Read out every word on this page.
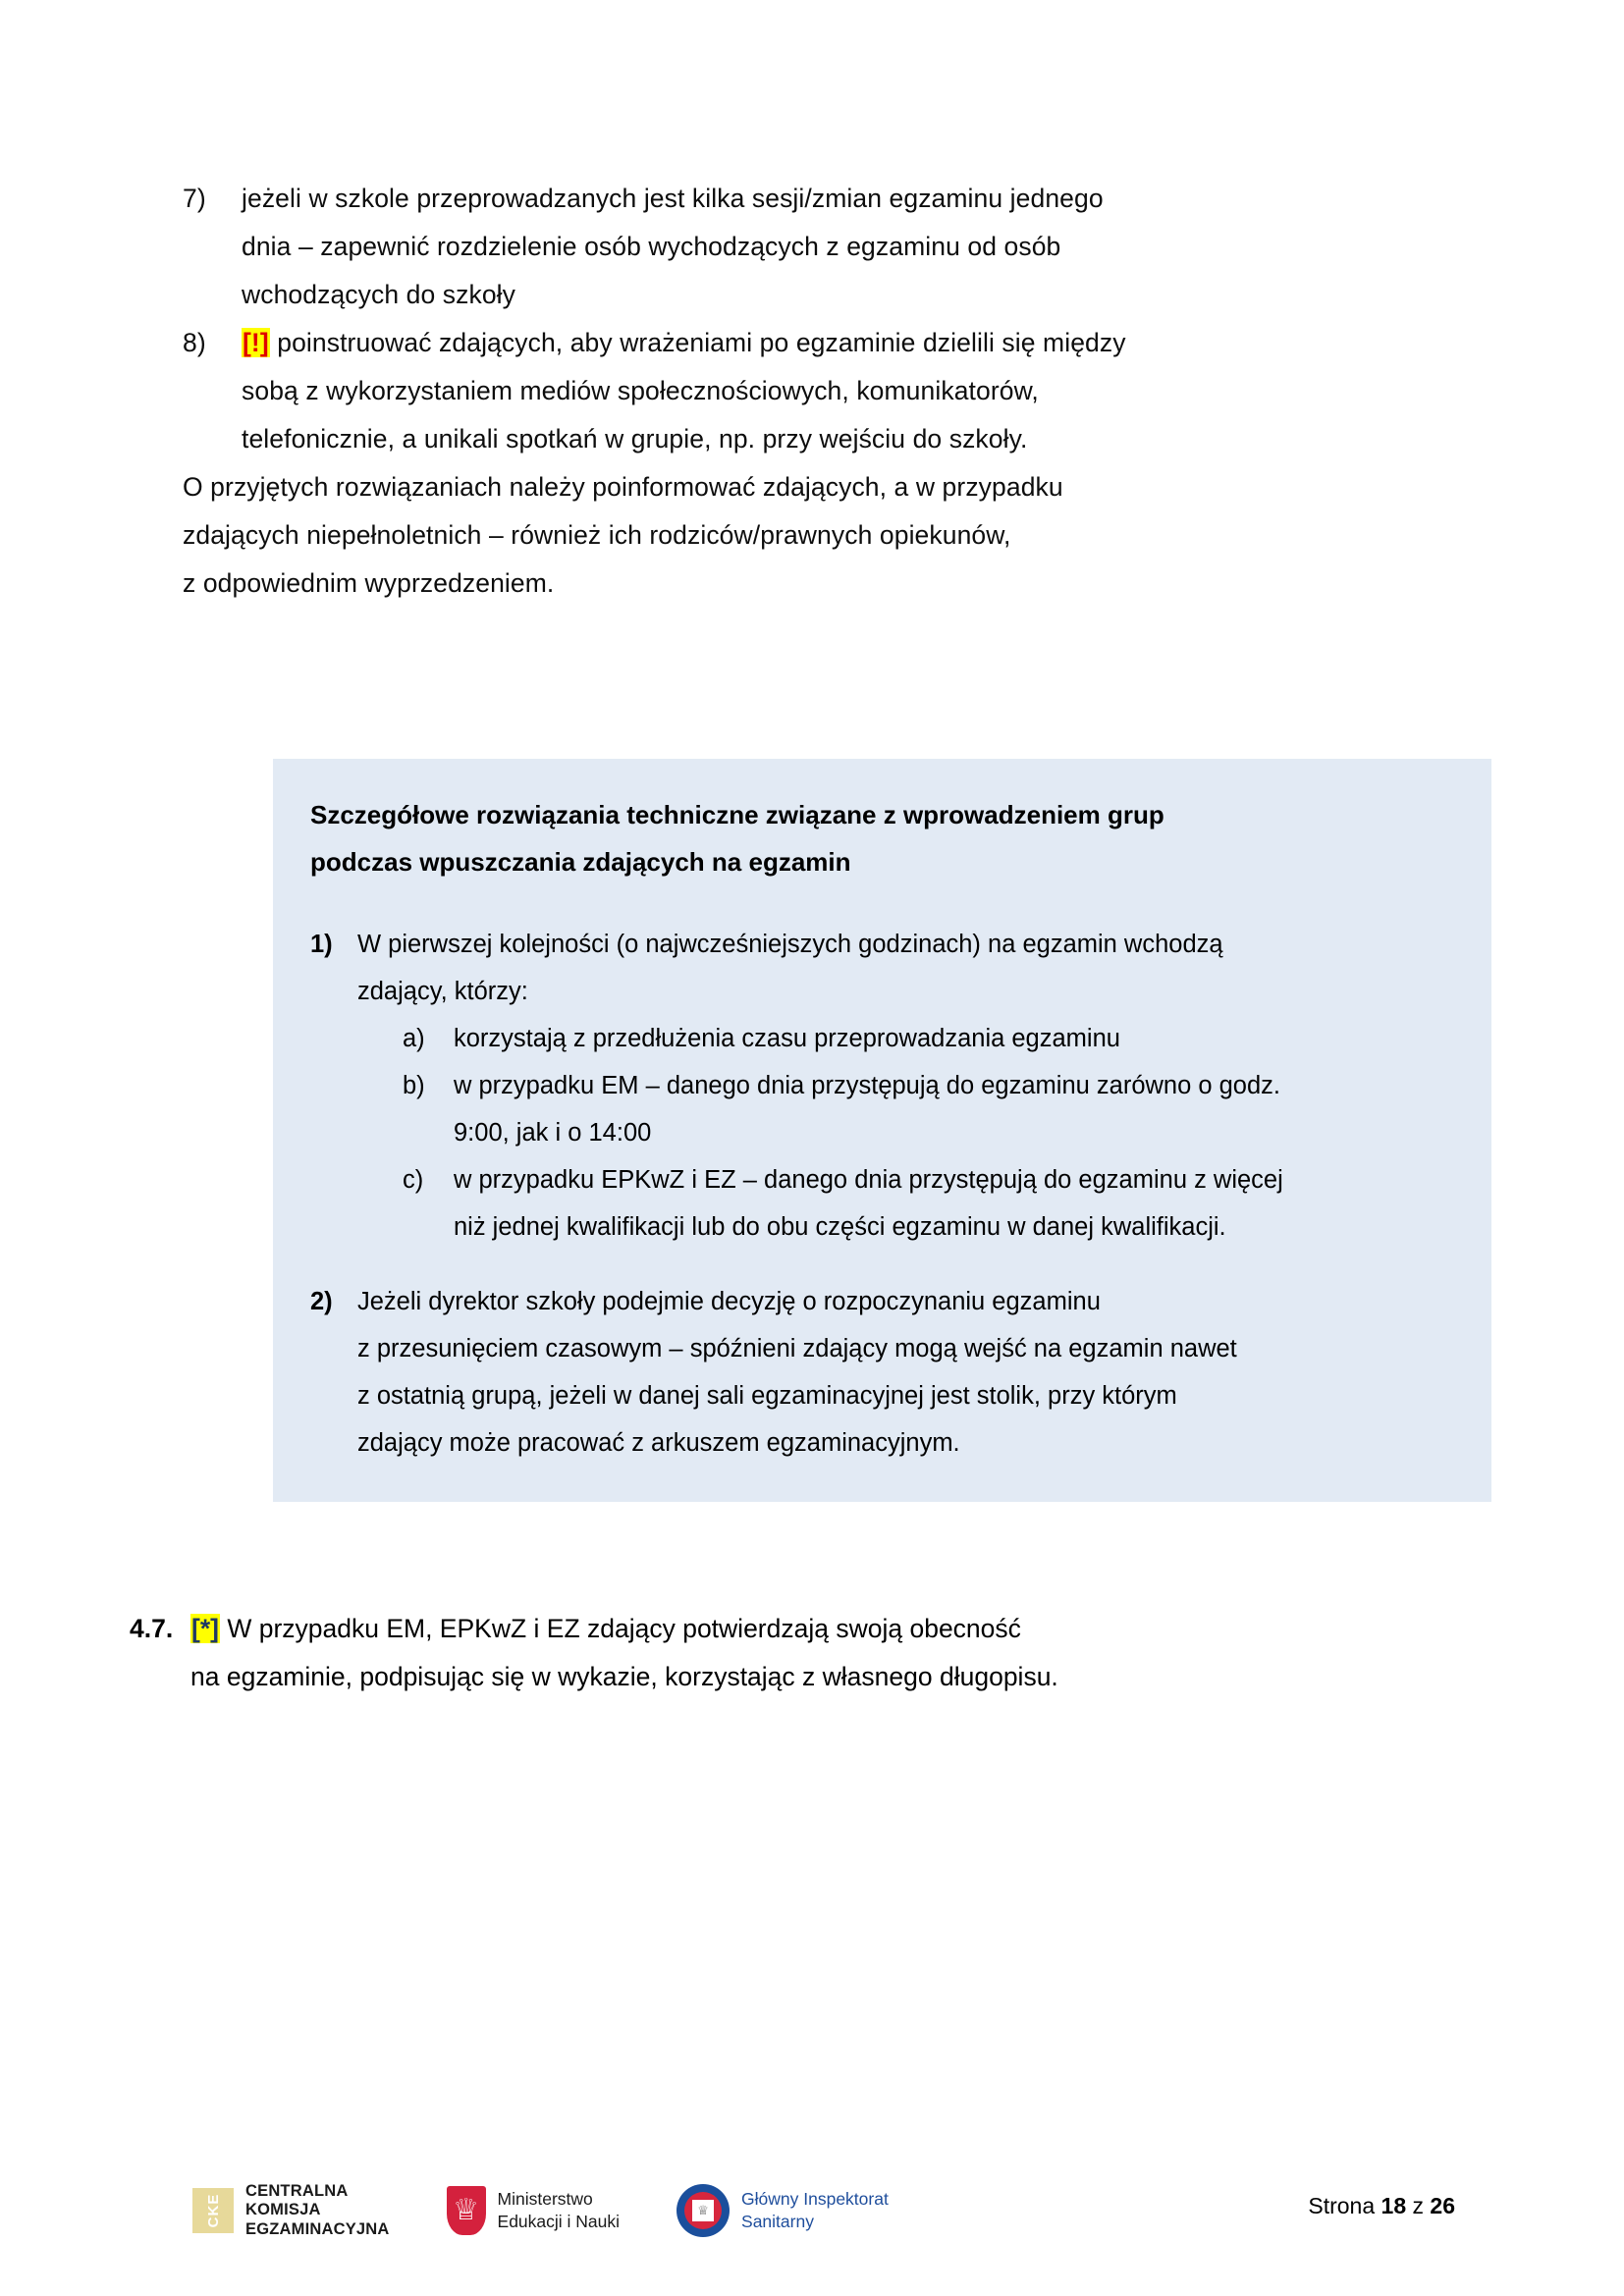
7)	jeżeli w szkole przeprowadzanych jest kilka sesji/zmian egzaminu jednego
dnia – zapewnić rozdzielenie osób wychodzących z egzaminu od osób
wchodzących do szkoły
8)	[!] poinstruować zdających, aby wrażeniami po egzaminie dzielili się między
sobą z wykorzystaniem mediów społecznościowych, komunikatorów,
telefonicznie, a unikali spotkań w grupie, np. przy wejściu do szkoły.

O przyjętych rozwiązaniach należy poinformować zdających, a w przypadku
zdających niepełnoletnich – również ich rodziców/prawnych opiekunów,
z odpowiednim wyprzedzeniem.

Szczegółowe rozwiązania techniczne związane z wprowadzeniem grup
podczas wpuszczania zdających na egzamin
1) W pierwszej kolejności (o najwcześniejszych godzinach) na egzamin wchodzą
zdający, którzy:
a)	korzystają z przedłużenia czasu przeprowadzania egzaminu
b)	w przypadku EM – danego dnia przystępują do egzaminu zarówno o godz.
9:00, jak i o 14:00
c)	w przypadku EPKwZ i EZ – danego dnia przystępują do egzaminu z więcej
niż jednej kwalifikacji lub do obu części egzaminu w danej kwalifikacji.
2) Jeżeli dyrektor szkoły podejmie decyzję o rozpoczynaniu egzaminu
z przesunięciem czasowym – spóźnieni zdający mogą wejść na egzamin nawet
z ostatnią grupą, jeżeli w danej sali egzaminacyjnej jest stolik, przy którym
zdający może pracować z arkuszem egzaminacyjnym.
4.7. [*] W przypadku EM, EPKwZ i EZ zdający potwierdzają swoją obecność
na egzaminie, podpisując się w wykazie, korzystając z własnego długopisu.
CKE
CENTRALNA
KOMISJA
EGZAMINACYJNA
♕ Ministerstwo
Edukacji i Nauki
♕
Główny Inspektorat
Sanitarny
Strona 18 z 26
